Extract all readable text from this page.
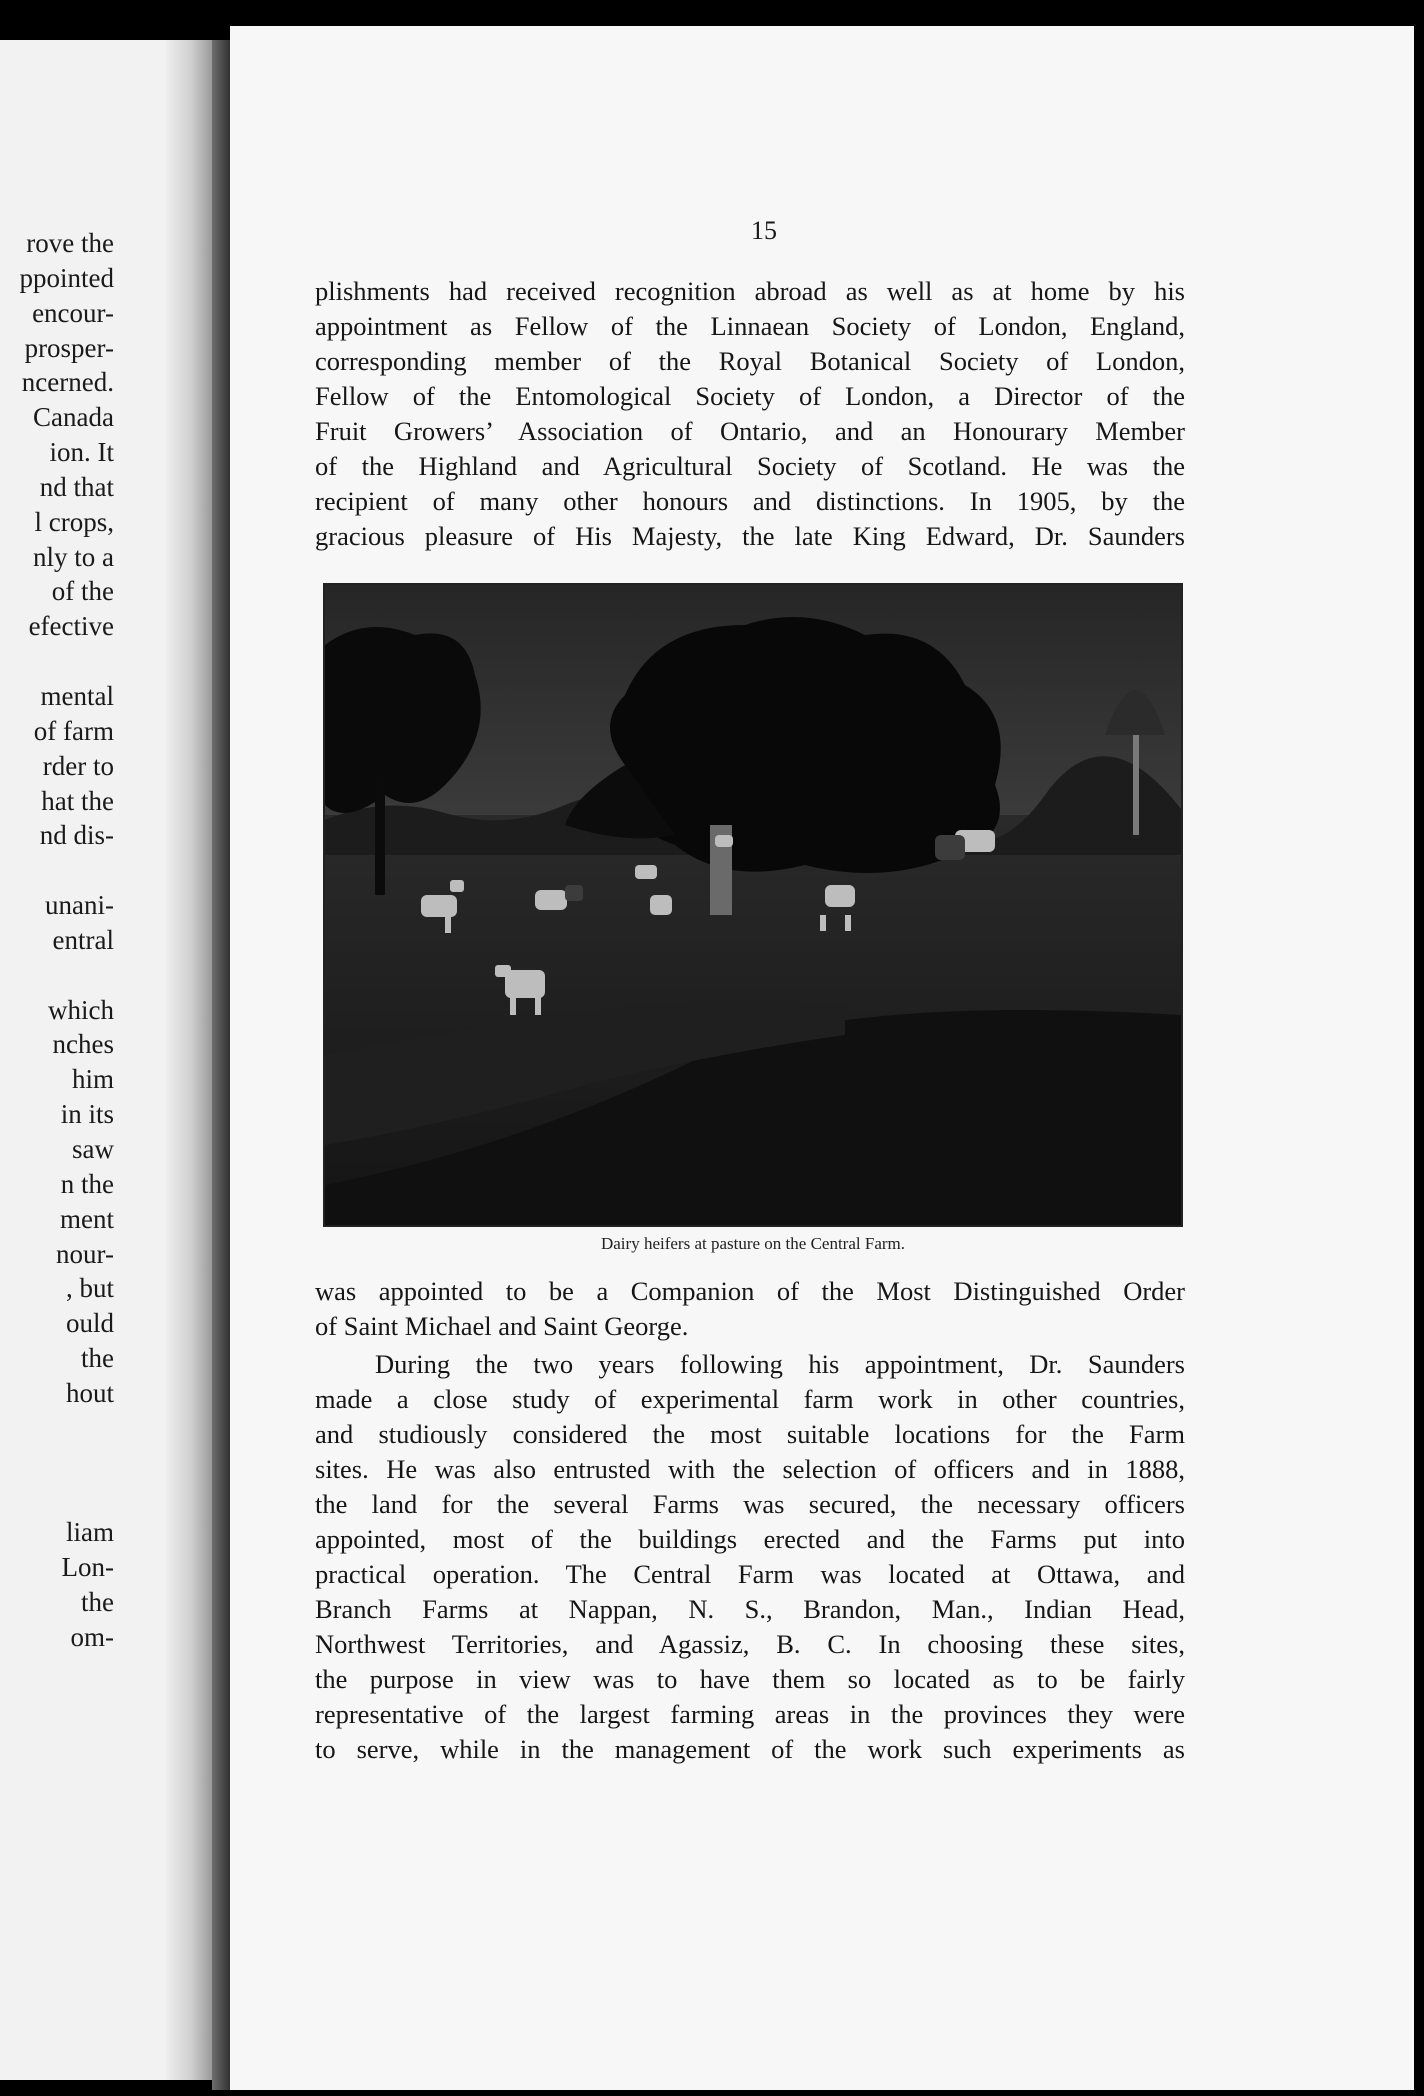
rove the
ppointed
encour-
prosper-
ncerned.
Canada
ion. It
nd that
l crops,
nly to a
of the
efective
mental
of farm
rder to
hat the
nd dis-
unani-
entral
which
nches
him
in its
saw
n the
ment
nour-
, but
ould
the
hout
liam
Lon-
the
om-

15

plishments had received recognition abroad as well as at home by his
appointment as Fellow of the Linnaean Society of London, England,
corresponding member of the Royal Botanical Society of London,
Fellow of the Entomological Society of London, a Director of the
Fruit Growers’ Association of Ontario, and an Honourary Member
of the Highland and Agricultural Society of Scotland. He was the
recipient of many other honours and distinctions. In 1905, by the
gracious pleasure of His Majesty, the late King Edward, Dr. Saunders

Dairy heifers at pasture on the Central Farm.

was appointed to be a Companion of the Most Distinguished Order
of Saint Michael and Saint George.
During the two years following his appointment, Dr. Saunders
made a close study of experimental farm work in other countries,
and studiously considered the most suitable locations for the Farm
sites. He was also entrusted with the selection of officers and in 1888,
the land for the several Farms was secured, the necessary officers
appointed, most of the buildings erected and the Farms put into
practical operation. The Central Farm was located at Ottawa, and
Branch Farms at Nappan, N. S., Brandon, Man., Indian Head,
Northwest Territories, and Agassiz, B. C. In choosing these sites,
the purpose in view was to have them so located as to be fairly
representative of the largest farming areas in the provinces they were
to serve, while in the management of the work such experiments as
